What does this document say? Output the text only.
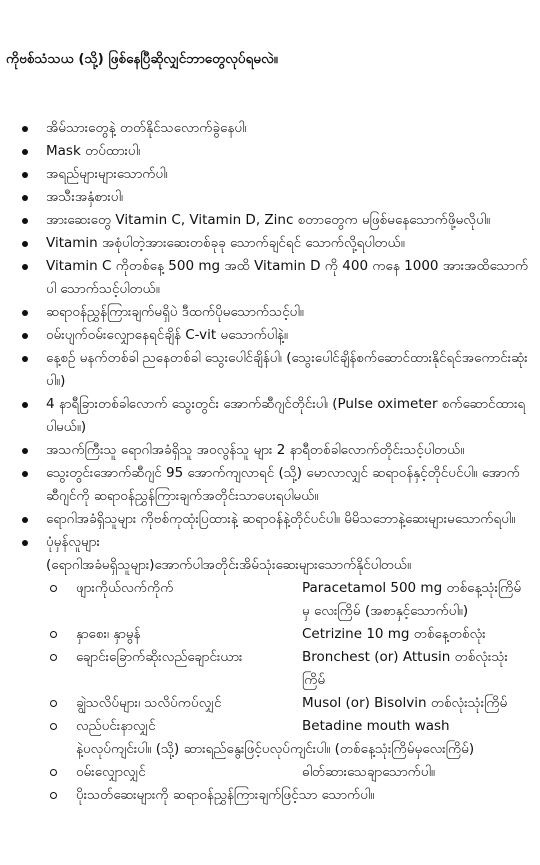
ကိုဗစ်သံသယ (သို့) ဖြစ်နေပြီဆိုလျှင်ဘာတွေလုပ်ရမလဲ။
အိမ်သားတွေနဲ့ တတ်နိုင်သလောက်ခွဲနေပါ၊
Mask တပ်ထားပါ၊
အရည်များများသောက်ပါ၊
အသီးအနှံစားပါ၊
အားဆေးတွေ Vitamin C, Vitamin D, Zinc စတာတွေက မဖြစ်မနေသောက်ဖို့မလိုပါ။
Vitamin အစုံပါတဲ့အားဆေးတစ်ခုခု သောက်ချင်ရင် သောက်လို့ရပါတယ်။
Vitamin C ကိုတစ်နေ့ 500 mg အထိ Vitamin D ကို 400 ကနေ 1000 အားအထိသောက်ပါ သောက်သင့်ပါတယ်။
ဆရာဝန်ညွှန်ကြားချက်မရှိပဲ ဒီထက်ပိုမသောက်သင့်ပါ။
ဝမ်းပျက်ဝမ်းလျှောနေရင်ချိန် C-vit မသောက်ပါနဲ့။
နေ့စဥ် မနက်တစ်ခါ ညနေတစ်ခါ သွေးပေါင်ချိန်ပါ၊ (သွေးပေါင်ချိန်စက်ဆောင်ထားနိုင်ရင်အကောင်းဆုံးပါ။)
4 နာရီခြားတစ်ခါလောက် သွေးတွင်း အောက်ဆီဂျင်တိုင်းပါ၊ (Pulse oximeter စက်ဆောင်ထားရပါမယ်။)
အသက်ကြီးသူ ရောဂါအခံရှိသူ အဝလွန်သူ များ 2 နာရီတစ်ခါလောက်တိုင်းသင့်ပါတယ်။
သွေးတွင်းအောက်ဆီဂျင် 95 အောက်ကျလာရင် (သို့) မောလာလျှင် ဆရာဝန်နှင့်တိုင်ပင်ပါ။ အောက်ဆီဂျင်ကို ဆရာဝန်ညွှန်ကြားချက်အတိုင်းသာပေးရပါမယ်။
ရောဂါအခံရှိသူများ ကိုဗစ်ကုထုံးပြထားနဲ့ ဆရာဝန်နဲ့တိုင်ပင်ပါ။ မိမိသဘောနဲ့ဆေးများမသောက်ရပါ။
ပုံမှန်လူများ
(ရောဂါအခံမရှိသူများ)အောက်ပါအတိုင်းအိမ်သုံးဆေးများသောက်နိုင်ပါတယ်။
ဖျားကိုယ်လက်ကိုက်	Paracetamol 500 mg တစ်နေ့သုံးကြိမ်မှ လေးကြိမ် (အစာနှင့်သောက်ပါ။)
နှာစေး၊ နှာမွန်	Cetrizine 10 mg တစ်နေ့တစ်လုံး
ချောင်းခြောက်ဆိုးလည်ချောင်းယား	Bronchest (or) Attusin တစ်လုံးသုံးကြိမ်
ချွဲသလိပ်များ၊ သလိပ်ကပ်လျှင်	Musol (or) Bisolvin တစ်လုံးသုံးကြိမ်
လည်ပင်းနာလျှင်	Betadine mouth wash
နဲ့ပလုပ်ကျင်းပါ။ (သို့) ဆားရည်နွေးဖြင့်ပလုပ်ကျင်းပါ။ (တစ်နေ့သုံးကြိမ်မှလေးကြိမ်)
ဝမ်းလျှောလျှင်	ဓါတ်ဆားသေချာသောက်ပါ။
ပိုးသတ်ဆေးများကို ဆရာဝန်ညွှန်ကြားချက်ဖြင့်သာ သောက်ပါ။
